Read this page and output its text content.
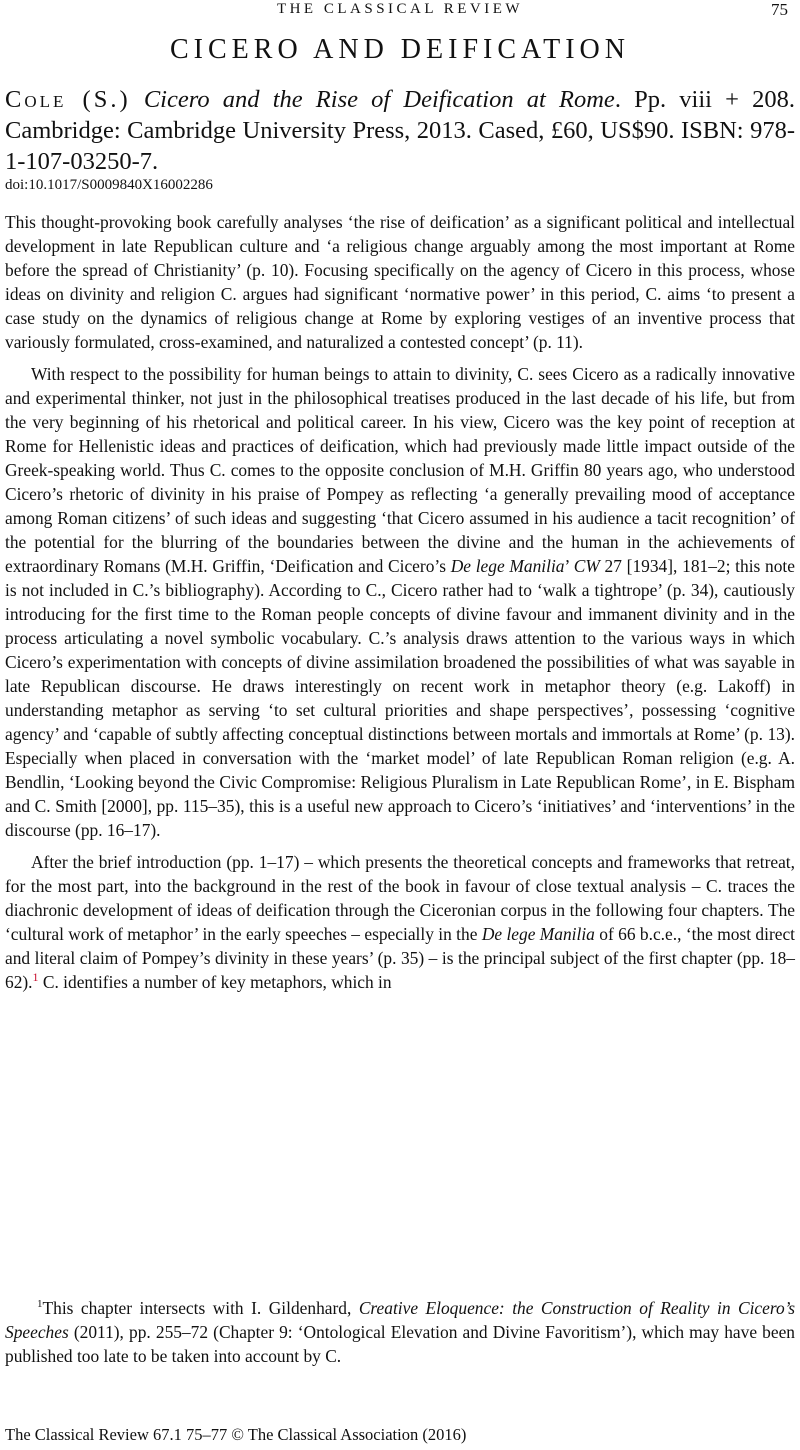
THE CLASSICAL REVIEW	75
CICERO AND DEIFICATION

Cole (S.) Cicero and the Rise of Deification at Rome. Pp. viii + 208. Cambridge: Cambridge University Press, 2013. Cased, £60, US$90. ISBN: 978-1-107-03250-7.

doi:10.1017/S0009840X16002286

This thought-provoking book carefully analyses ‘the rise of deification’ as a significant political and intellectual development in late Republican culture and ‘a religious change arguably among the most important at Rome before the spread of Christianity’ (p. 10). Focusing specifically on the agency of Cicero in this process, whose ideas on divinity and religion C. argues had significant ‘normative power’ in this period, C. aims ‘to present a case study on the dynamics of religious change at Rome by exploring vestiges of an inventive process that variously formulated, cross-examined, and naturalized a contested concept’ (p. 11).

With respect to the possibility for human beings to attain to divinity, C. sees Cicero as a radically innovative and experimental thinker, not just in the philosophical treatises produced in the last decade of his life, but from the very beginning of his rhetorical and political career. In his view, Cicero was the key point of reception at Rome for Hellenistic ideas and practices of deification, which had previously made little impact outside of the Greek-speaking world. Thus C. comes to the opposite conclusion of M.H. Griffin 80 years ago, who understood Cicero’s rhetoric of divinity in his praise of Pompey as reflecting ‘a generally prevailing mood of acceptance among Roman citizens’ of such ideas and suggesting ‘that Cicero assumed in his audience a tacit recognition’ of the potential for the blurring of the boundaries between the divine and the human in the achievements of extraordinary Romans (M.H. Griffin, ‘Deification and Cicero’s De lege Manilia’ CW 27 [1934], 181–2; this note is not included in C.’s bibliography). According to C., Cicero rather had to ‘walk a tightrope’ (p. 34), cautiously introducing for the first time to the Roman people concepts of divine favour and immanent divinity and in the process articulating a novel symbolic vocabulary. C.’s analysis draws attention to the various ways in which Cicero’s experimentation with concepts of divine assimilation broadened the possibilities of what was sayable in late Republican discourse. He draws interestingly on recent work in metaphor theory (e.g. Lakoff) in understanding metaphor as serving ‘to set cultural priorities and shape perspectives’, possessing ‘cognitive agency’ and ‘capable of subtly affecting conceptual distinctions between mortals and immortals at Rome’ (p. 13). Especially when placed in conversation with the ‘market model’ of late Republican Roman religion (e.g. A. Bendlin, ‘Looking beyond the Civic Compromise: Religious Pluralism in Late Republican Rome’, in E. Bispham and C. Smith [2000], pp. 115–35), this is a useful new approach to Cicero’s ‘initiatives’ and ‘interventions’ in the discourse (pp. 16–17).

After the brief introduction (pp. 1–17) – which presents the theoretical concepts and frameworks that retreat, for the most part, into the background in the rest of the book in favour of close textual analysis – C. traces the diachronic development of ideas of deification through the Ciceronian corpus in the following four chapters. The ‘cultural work of metaphor’ in the early speeches – especially in the De lege Manilia of 66 b.c.e., ‘the most direct and literal claim of Pompey’s divinity in these years’ (p. 35) – is the principal subject of the first chapter (pp. 18–62).$^1$ C. identifies a number of key metaphors, which in

$^1$This chapter intersects with I. Gildenhard, Creative Eloquence: the Construction of Reality in Cicero’s Speeches (2011), pp. 255–72 (Chapter 9: ‘Ontological Elevation and Divine Favoritism’), which may have been published too late to be taken into account by C.

The Classical Review 67.1 75–77 © The Classical Association (2016)
